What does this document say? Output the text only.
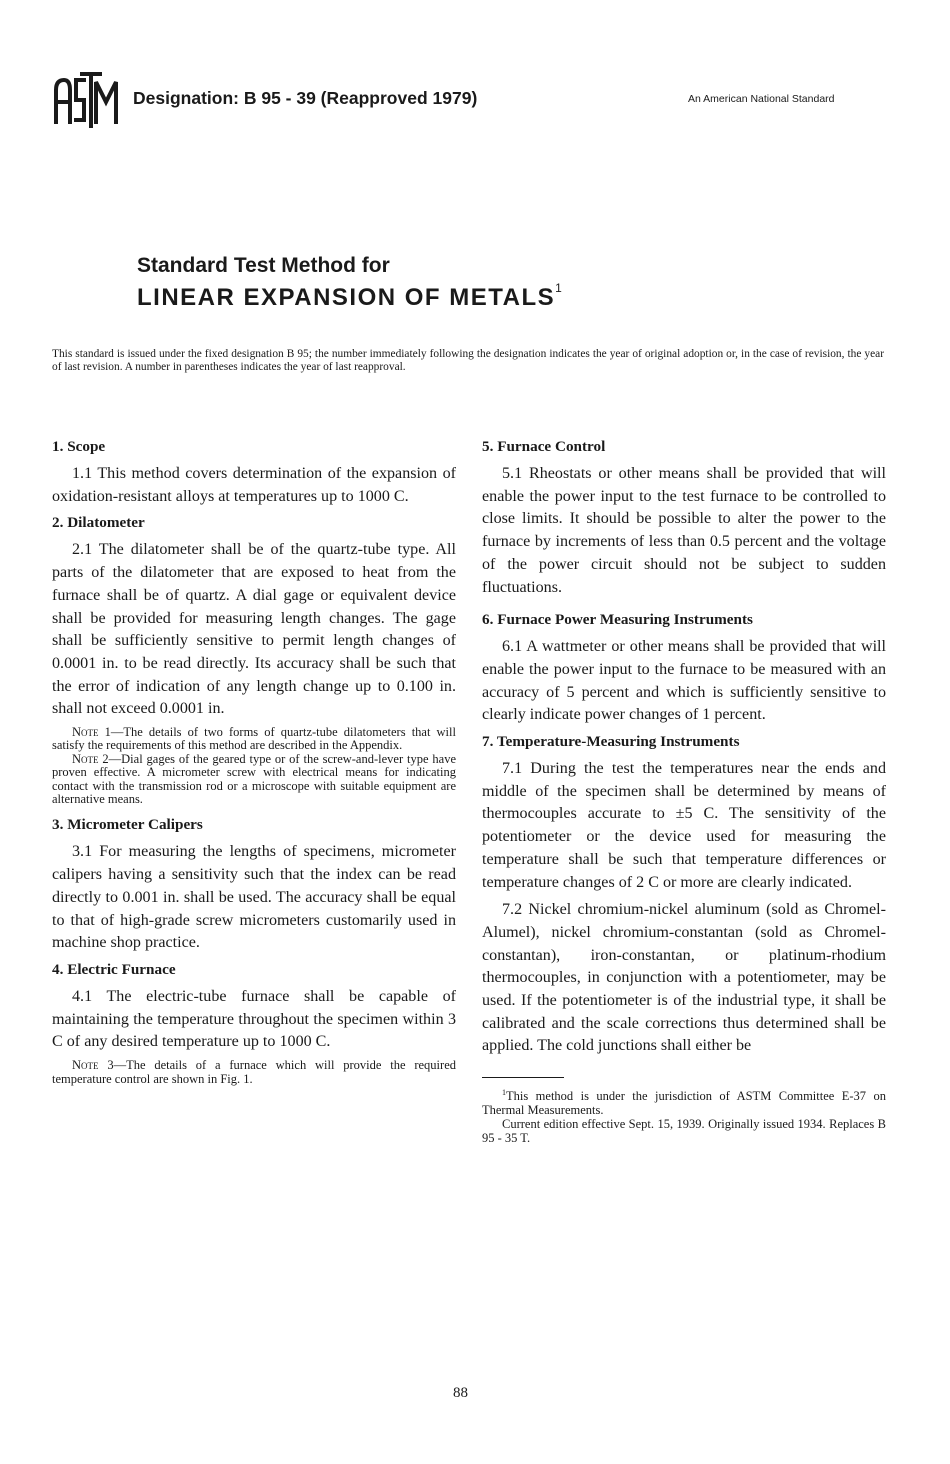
Designation: B 95 - 39 (Reapproved 1979)	An American National Standard
Standard Test Method for
LINEAR EXPANSION OF METALS$^1$
This standard is issued under the fixed designation B 95; the number immediately following the designation indicates the year of original adoption or, in the case of revision, the year of last revision. A number in parentheses indicates the year of last reapproval.

1. Scope

1.1 This method covers determination of the expansion of oxidation-resistant alloys at temperatures up to 1000 C.

2. Dilatometer

2.1 The dilatometer shall be of the quartz-tube type. All parts of the dilatometer that are exposed to heat from the furnace shall be of quartz. A dial gage or equivalent device shall be provided for measuring length changes. The gage shall be sufficiently sensitive to permit length changes of 0.0001 in. to be read directly. Its accuracy shall be such that the error of indication of any length change up to 0.100 in. shall not exceed 0.0001 in.

Note 1—The details of two forms of quartz-tube dilatometers that will satisfy the requirements of this method are described in the Appendix.

Note 2—Dial gages of the geared type or of the screw-and-lever type have proven effective. A micrometer screw with electrical means for indicating contact with the transmission rod or a microscope with suitable equipment are alternative means.

3. Micrometer Calipers

3.1 For measuring the lengths of specimens, micrometer calipers having a sensitivity such that the index can be read directly to 0.001 in. shall be used. The accuracy shall be equal to that of high-grade screw micrometers customarily used in machine shop practice.

4. Electric Furnace

4.1 The electric-tube furnace shall be capable of maintaining the temperature throughout the specimen within 3 C of any desired temperature up to 1000 C.

Note 3—The details of a furnace which will provide the required temperature control are shown in Fig. 1.

5. Furnace Control

5.1 Rheostats or other means shall be provided that will enable the power input to the test furnace to be controlled to close limits. It should be possible to alter the power to the furnace by increments of less than 0.5 percent and the voltage of the power circuit should not be subject to sudden fluctuations.

6. Furnace Power Measuring Instruments

6.1 A wattmeter or other means shall be provided that will enable the power input to the furnace to be measured with an accuracy of 5 percent and which is sufficiently sensitive to clearly indicate power changes of 1 percent.

7. Temperature-Measuring Instruments

7.1 During the test the temperatures near the ends and middle of the specimen shall be determined by means of thermocouples accurate to ±5 C. The sensitivity of the potentiometer or the device used for measuring the temperature shall be such that temperature differences or temperature changes of 2 C or more are clearly indicated.

7.2 Nickel chromium-nickel aluminum (sold as Chromel-Alumel), nickel chromium-constantan (sold as Chromel-constantan), iron-constantan, or platinum-rhodium thermocouples, in conjunction with a potentiometer, may be used. If the potentiometer is of the industrial type, it shall be calibrated and the scale corrections thus determined shall be applied. The cold junctions shall either be

$^1$This method is under the jurisdiction of ASTM Committee E-37 on Thermal Measurements.

Current edition effective Sept. 15, 1939. Originally issued 1934. Replaces B 95 - 35 T.

88
